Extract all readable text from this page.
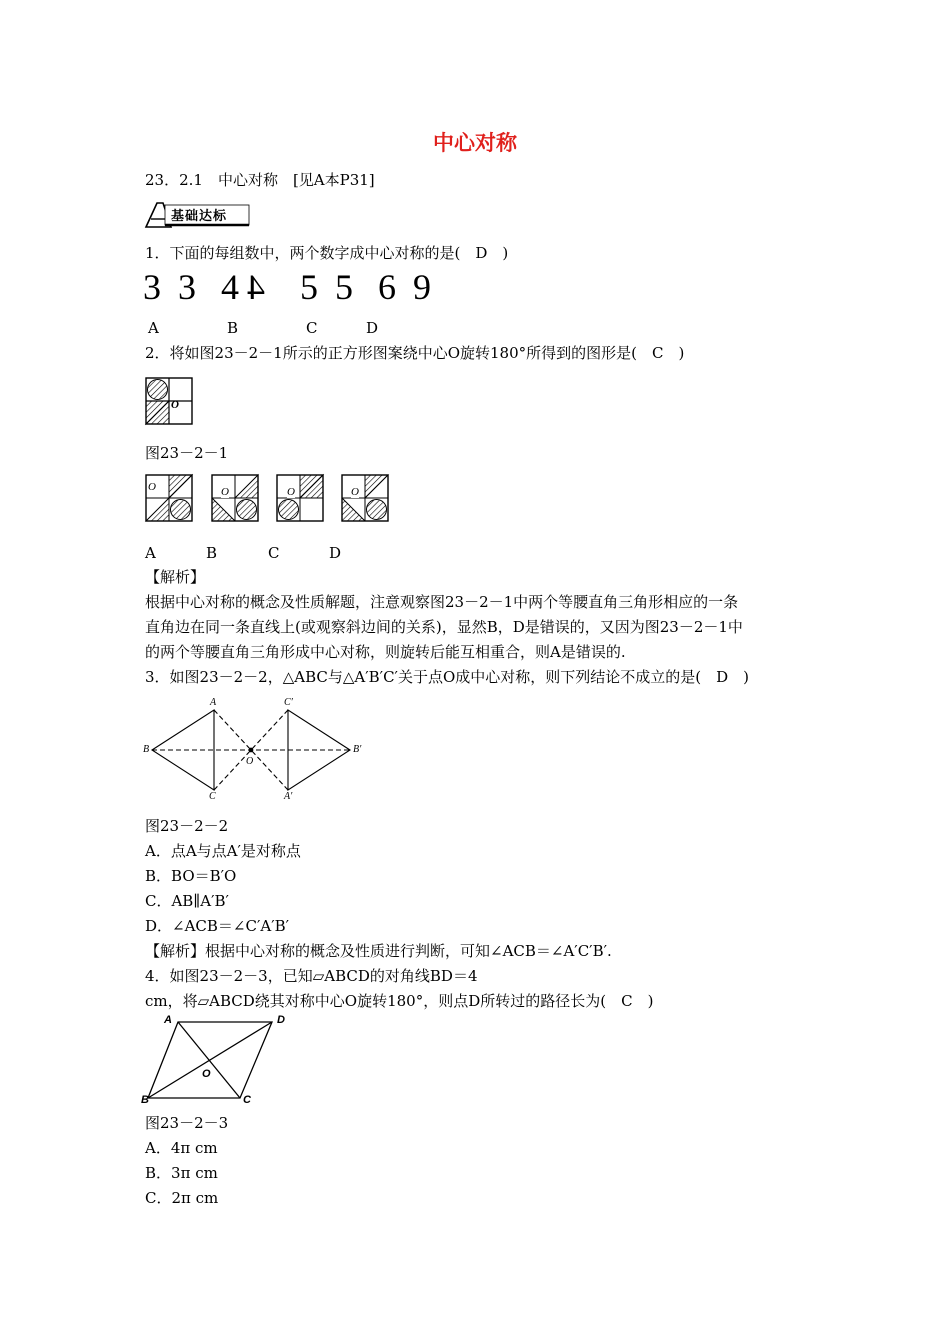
中心对称
23．2.1　中心对称　[见A本P31]
基础达标
1．下面的每组数中，两个数字成中心对称的是(　D　)
3 3 4 4 5 5 6 9
A	B	C	D
2．将如图23－2－1所示的正方形图案绕中心O旋转180°所得到的图形是(　C　)
O
O	O	O	O
图23－2－1
A	B	C	D
【解析】
根据中心对称的概念及性质解题，注意观察图23－2－1中两个等腰直角三角形相应的一条
直角边在同一条直线上(或观察斜边间的关系)，显然B，D是错误的，又因为图23－2－1中
的两个等腰直角三角形成中心对称，则旋转后能互相重合，则A是错误的.
3．如图23－2－2，△ABC与△A′B′C′关于点O成中心对称，则下列结论不成立的是(　D　)
A
B
C
O
A′
B′
C′
图23－2－2
A．点A与点A′是对称点
B．BO＝B′O
C．AB∥A′B′
D．∠ACB＝∠C′A′B′
【解析】根据中心对称的概念及性质进行判断，可知∠ACB＝∠A′C′B′.
4．如图23－2－3，已知▱ABCD的对角线BD＝4
cm，将▱ABCD绕其对称中心O旋转180°，则点D所转过的路径长为(　C　)
A	D
O
B	C
图23－2－3
A．4π cm
B．3π cm
C．2π cm
